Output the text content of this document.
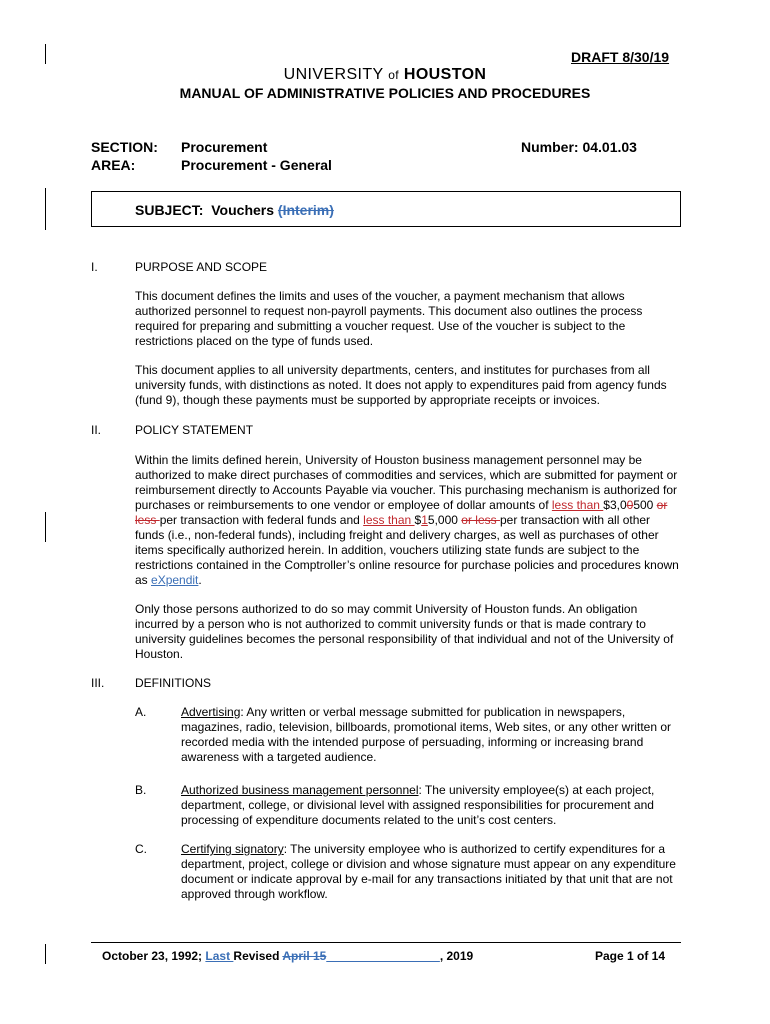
DRAFT 8/30/19
UNIVERSITY of HOUSTON
MANUAL OF ADMINISTRATIVE POLICIES AND PROCEDURES
SECTION: Procurement
AREA:	Procurement - General
Number: 04.01.03
SUBJECT: Vouchers (Interim)
I.	PURPOSE AND SCOPE
This document defines the limits and uses of the voucher, a payment mechanism that allows authorized personnel to request non-payroll payments. This document also outlines the process required for preparing and submitting a voucher request. Use of the voucher is subject to the restrictions placed on the type of funds used.
This document applies to all university departments, centers, and institutes for purchases from all university funds, with distinctions as noted. It does not apply to expenditures paid from agency funds (fund 9), though these payments must be supported by appropriate receipts or invoices.
II.	POLICY STATEMENT
Within the limits defined herein, University of Houston business management personnel may be authorized to make direct purchases of commodities and services, which are submitted for payment or reimbursement directly to Accounts Payable via voucher. This purchasing mechanism is authorized for purchases or reimbursements to one vendor or employee of dollar amounts of less than $3,00500 or less per transaction with federal funds and less than $15,000 or less per transaction with all other funds (i.e., non-federal funds), including freight and delivery charges, as well as purchases of other items specifically authorized herein. In addition, vouchers utilizing state funds are subject to the restrictions contained in the Comptroller’s online resource for purchase policies and procedures known as eXpendit.
Only those persons authorized to do so may commit University of Houston funds. An obligation incurred by a person who is not authorized to commit university funds or that is made contrary to university guidelines becomes the personal responsibility of that individual and not of the University of Houston.
III.	DEFINITIONS
A.	Advertising: Any written or verbal message submitted for publication in newspapers, magazines, radio, television, billboards, promotional items, Web sites, or any other written or recorded media with the intended purpose of persuading, informing or increasing brand awareness with a targeted audience.
B.	Authorized business management personnel: The university employee(s) at each project, department, college, or divisional level with assigned responsibilities for procurement and processing of expenditure documents related to the unit’s cost centers.
C.	Certifying signatory: The university employee who is authorized to certify expenditures for a department, project, college or division and whose signature must appear on any expenditure document or indicate approval by e-mail for any transactions initiated by that unit that are not approved through workflow.
October 23, 1992; Last Revised April 15_________________, 2019	Page 1 of 14
